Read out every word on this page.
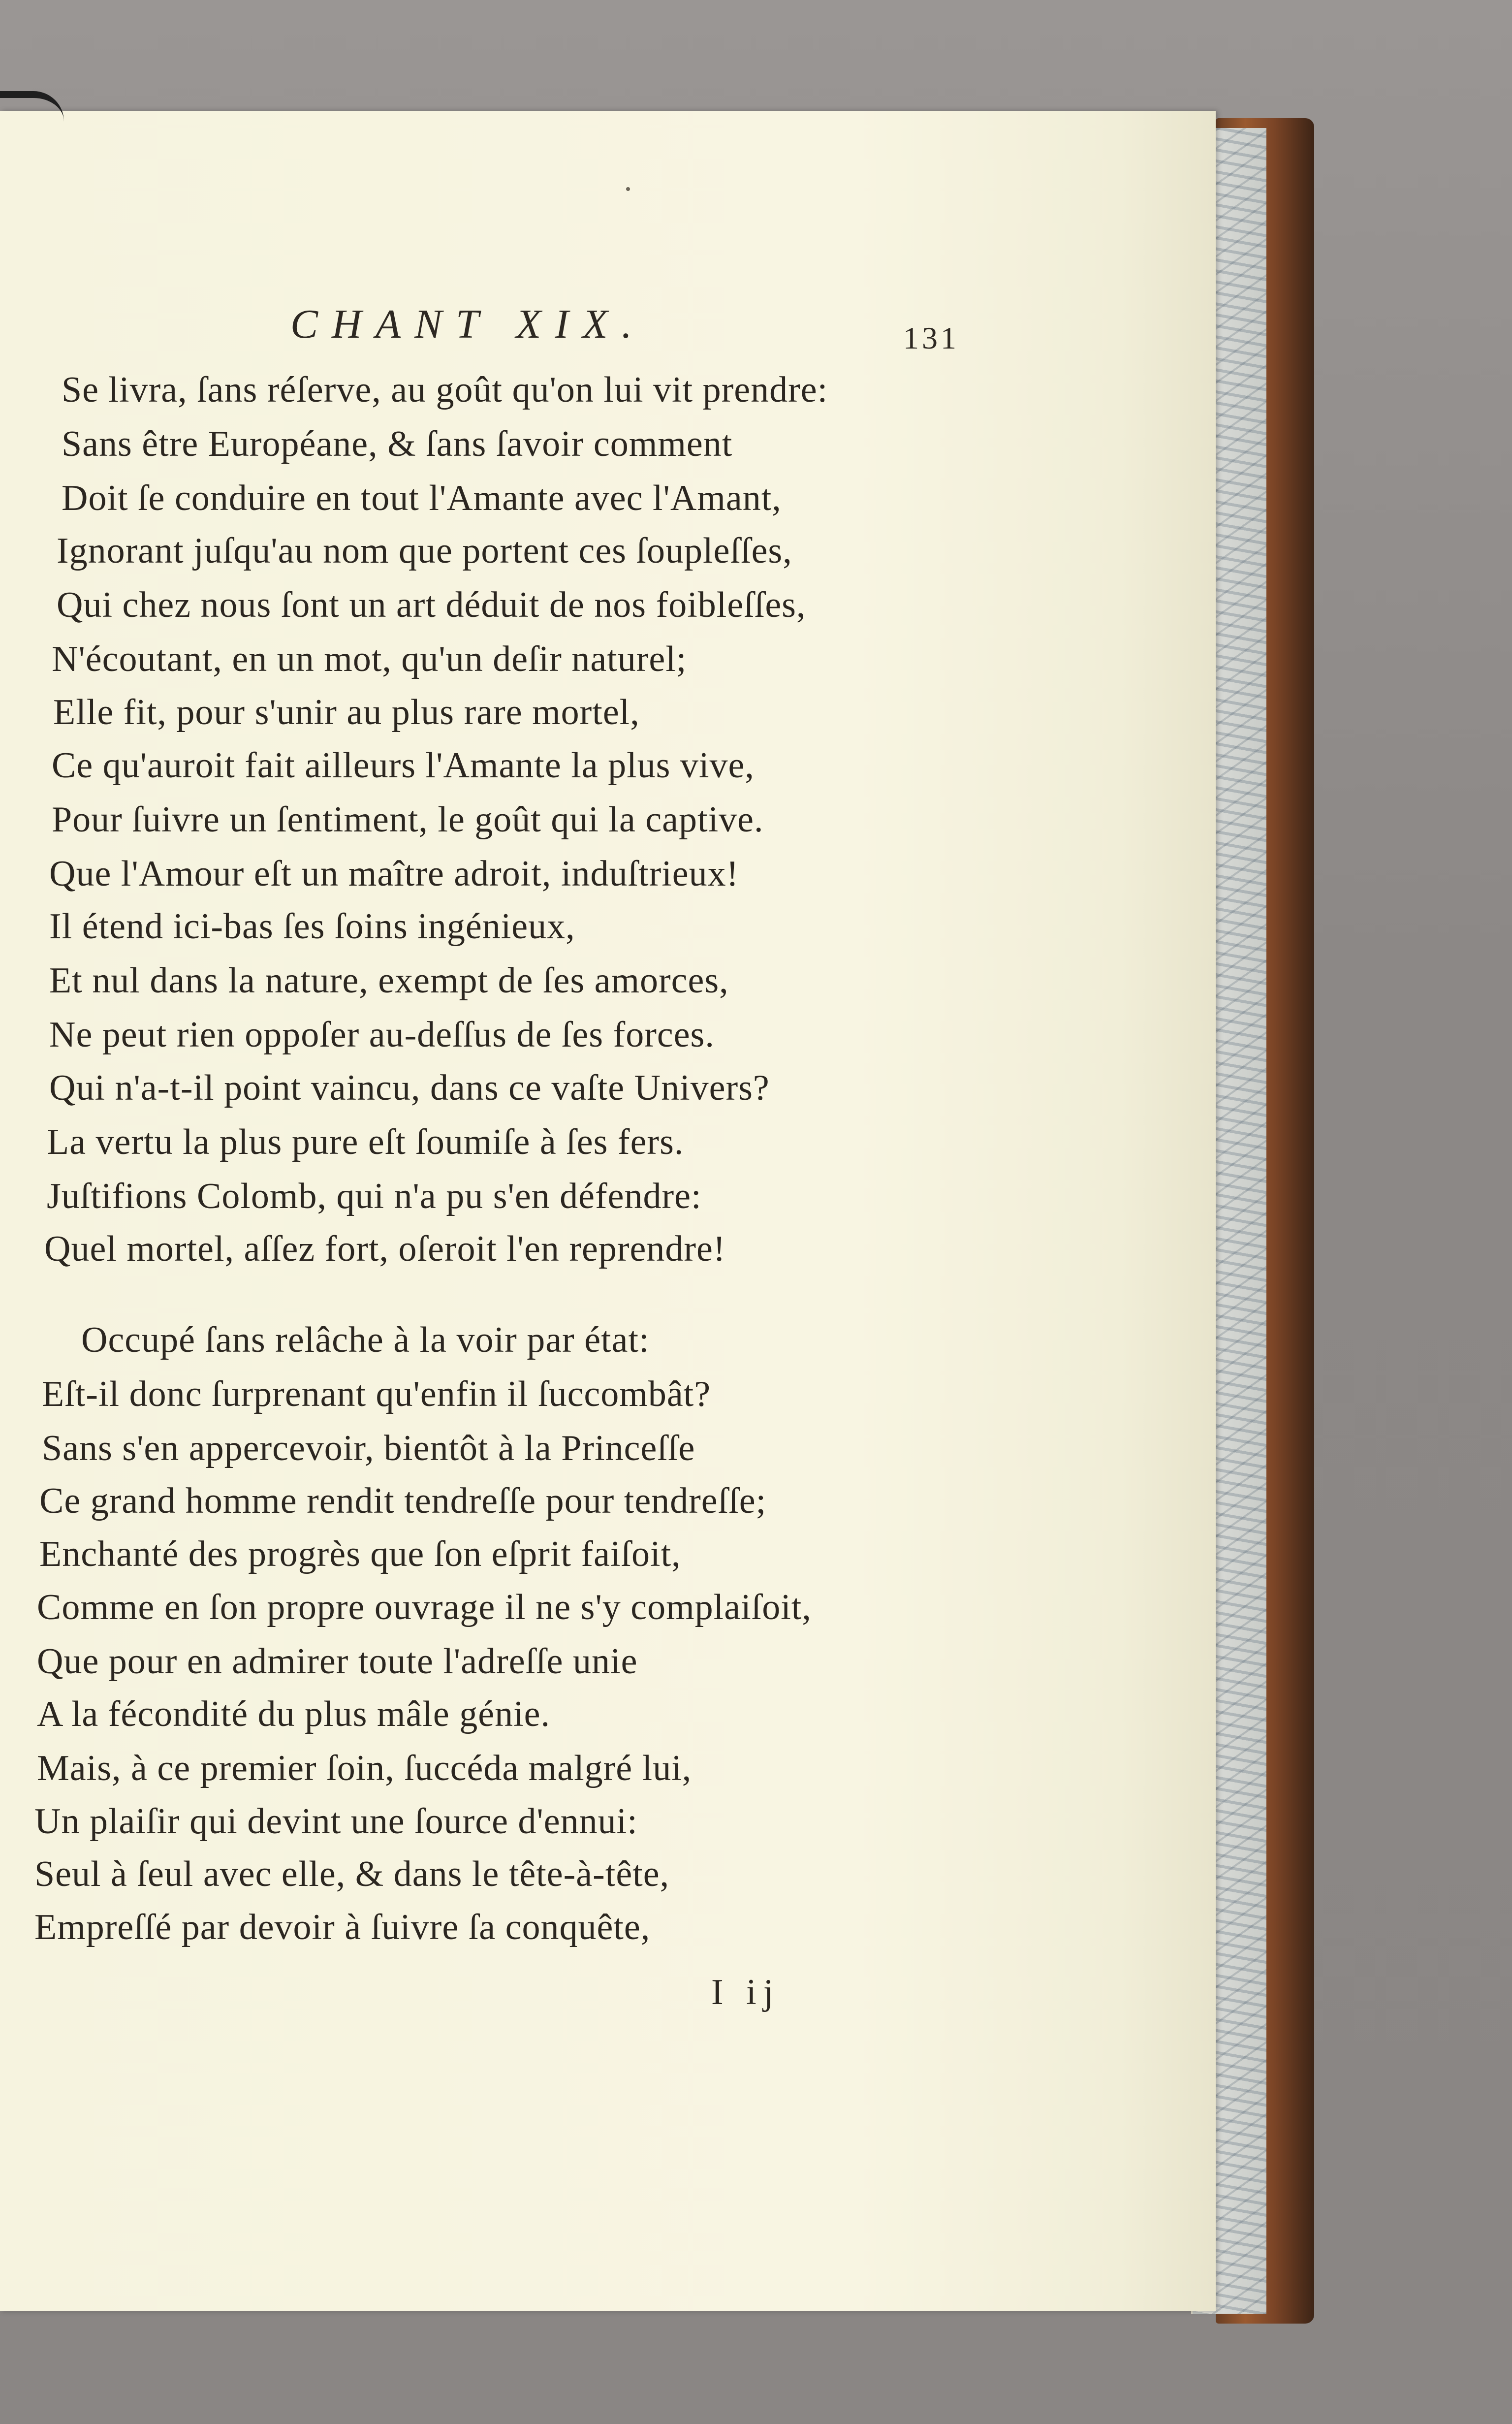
CHANT XIX.	131
Se livra, ſans réſerve, au goût qu'on lui vit prendre:
Sans être Européane, & ſans ſavoir comment
Doit ſe conduire en tout l'Amante avec l'Amant,
Ignorant juſqu'au nom que portent ces ſoupleſſes,
Qui chez nous ſont un art déduit de nos foibleſſes,
N'écoutant, en un mot, qu'un deſir naturel;
Elle fit, pour s'unir au plus rare mortel,
Ce qu'auroit fait ailleurs l'Amante la plus vive,
Pour ſuivre un ſentiment, le goût qui la captive.
Que l'Amour eſt un maître adroit, induſtrieux!
Il étend ici-bas ſes ſoins ingénieux,
Et nul dans la nature, exempt de ſes amorces,
Ne peut rien oppoſer au-deſſus de ſes forces.
Qui n'a-t-il point vaincu, dans ce vaſte Univers?
La vertu la plus pure eſt ſoumiſe à ſes fers.
Juſtifions Colomb, qui n'a pu s'en défendre:
Quel mortel, aſſez fort, oſeroit l'en reprendre!
Occupé ſans relâche à la voir par état:
Eſt-il donc ſurprenant qu'enfin il ſuccombât?
Sans s'en appercevoir, bientôt à la Princeſſe
Ce grand homme rendit tendreſſe pour tendreſſe;
Enchanté des progrès que ſon eſprit faiſoit,
Comme en ſon propre ouvrage il ne s'y complaiſoit,
Que pour en admirer toute l'adreſſe unie
A la fécondité du plus mâle génie.
Mais, à ce premier ſoin, ſuccéda malgré lui,
Un plaiſir qui devint une ſource d'ennui:
Seul à ſeul avec elle, & dans le tête-à-tête,
Empreſſé par devoir à ſuivre ſa conquête,
I ij
